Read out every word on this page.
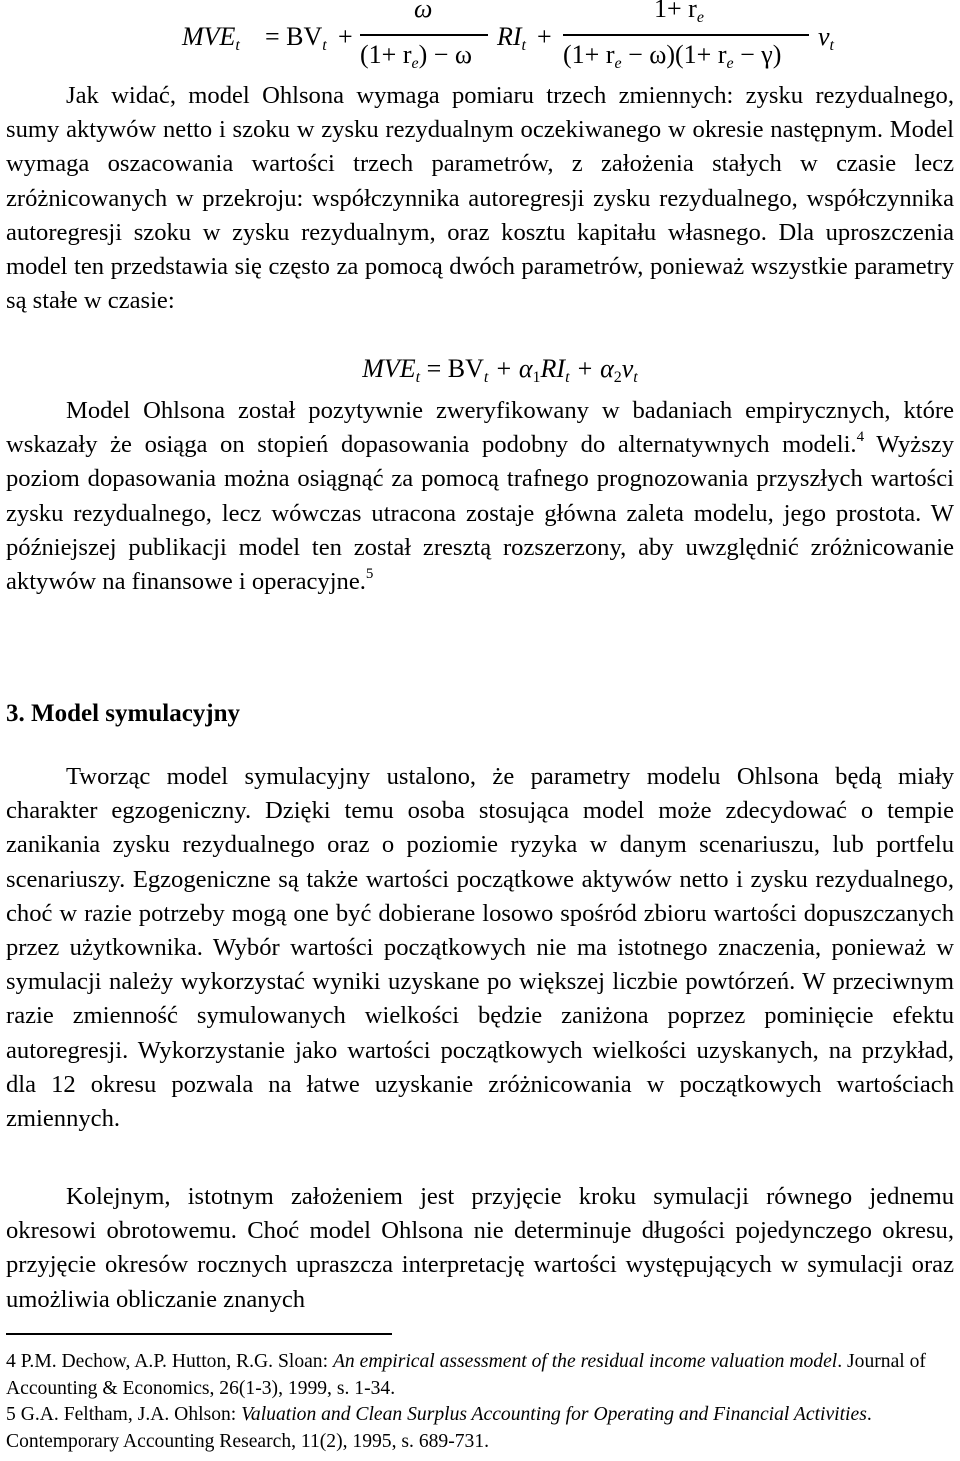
$MVE_t = BV_t$ +
ω
$(1+ r_e) - \omega$
$RI_t$ +
$1+ r_e$
$(1+ r_e - \omega)(1+ r_e - \gamma)$
$v_t$

Jak widać, model Ohlsona wymaga pomiaru trzech zmiennych: zysku rezydualnego, sumy aktywów netto i szoku w zysku rezydualnym oczekiwanego w okresie następnym. Model wymaga oszacowania wartości trzech parametrów, z założenia stałych w czasie lecz zróżnicowanych w przekroju: współczynnika autoregresji zysku rezydualnego, współczynnika autoregresji szoku w zysku rezydualnym, oraz kosztu kapitału własnego. Dla uproszczenia model ten przedstawia się często za pomocą dwóch parametrów, ponieważ wszystkie parametry są stałe w czasie:

$MVE_t = BV_t + \alpha_1RI_t + \alpha_2v_t$

Model Ohlsona został pozytywnie zweryfikowany w badaniach empirycznych, które wskazały że osiąga on stopień dopasowania podobny do alternatywnych modeli.$^4$ Wyższy poziom dopasowania można osiągnąć za pomocą trafnego prognozowania przyszłych wartości zysku rezydualnego, lecz wówczas utracona zostaje główna zaleta modelu, jego prostota. W późniejszej publikacji model ten został zresztą rozszerzony, aby uwzględnić zróżnicowanie aktywów na finansowe i operacyjne.$^5$

3. Model symulacyjny

Tworząc model symulacyjny ustalono, że parametry modelu Ohlsona będą miały charakter egzogeniczny. Dzięki temu osoba stosująca model może zdecydować o tempie zanikania zysku rezydualnego oraz o poziomie ryzyka w danym scenariuszu, lub portfelu scenariuszy. Egzogeniczne są także wartości początkowe aktywów netto i zysku rezydualnego, choć w razie potrzeby mogą one być dobierane losowo spośród zbioru wartości dopuszczanych przez użytkownika. Wybór wartości początkowych nie ma istotnego znaczenia, ponieważ w symulacji należy wykorzystać wyniki uzyskane po większej liczbie powtórzeń. W przeciwnym razie zmienność symulowanych wielkości będzie zaniżona poprzez pominięcie efektu autoregresji. Wykorzystanie jako wartości początkowych wielkości uzyskanych, na przykład, dla 12 okresu pozwala na łatwe uzyskanie zróżnicowania w początkowych wartościach zmiennych.

Kolejnym, istotnym założeniem jest przyjęcie kroku symulacji równego jednemu okresowi obrotowemu. Choć model Ohlsona nie determinuje długości pojedynczego okresu, przyjęcie okresów rocznych upraszcza interpretację wartości występujących w symulacji oraz umożliwia obliczanie znanych

4 P.M. Dechow, A.P. Hutton, R.G. Sloan: An empirical assessment of the residual income valuation model. Journal of Accounting & Economics, 26(1-3), 1999, s. 1-34.

5 G.A. Feltham, J.A. Ohlson: Valuation and Clean Surplus Accounting for Operating and Financial Activities. Contemporary Accounting Research, 11(2), 1995, s. 689-731.
